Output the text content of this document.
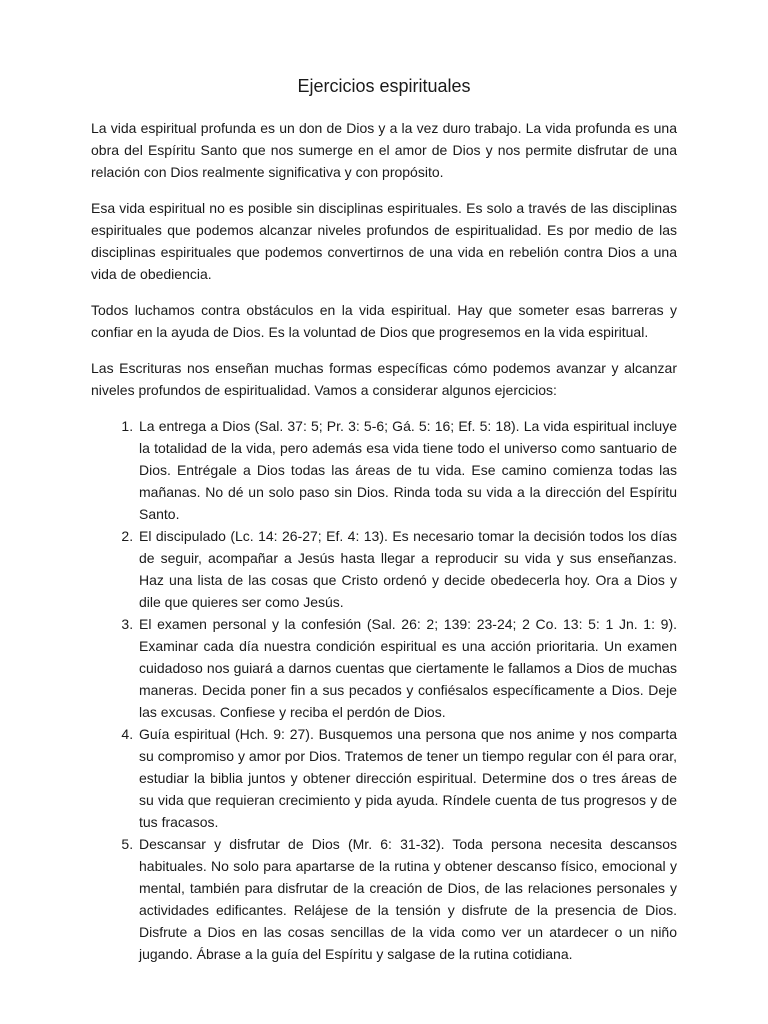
Ejercicios espirituales

La vida espiritual profunda es un don de Dios y a la vez duro trabajo. La vida profunda es una obra del Espíritu Santo que nos sumerge en el amor de Dios y nos permite disfrutar de una relación con Dios realmente significativa y con propósito.

Esa vida espiritual no es posible sin disciplinas espirituales. Es solo a través de las disciplinas espirituales que podemos alcanzar niveles profundos de espiritualidad. Es por medio de las disciplinas espirituales que podemos convertirnos de una vida en rebelión contra Dios a una vida de obediencia.

Todos luchamos contra obstáculos en la vida espiritual. Hay que someter esas barreras y confiar en la ayuda de Dios. Es la voluntad de Dios que progresemos en la vida espiritual.

Las Escrituras nos enseñan muchas formas específicas cómo podemos avanzar y alcanzar niveles profundos de espiritualidad. Vamos a considerar algunos ejercicios:

1. La entrega a Dios (Sal. 37: 5; Pr. 3: 5-6; Gá. 5: 16; Ef. 5: 18). La vida espiritual incluye la totalidad de la vida, pero además esa vida tiene todo el universo como santuario de Dios. Entrégale a Dios todas las áreas de tu vida. Ese camino comienza todas las mañanas. No dé un solo paso sin Dios. Rinda toda su vida a la dirección del Espíritu Santo.
2. El discipulado (Lc. 14: 26-27; Ef. 4: 13). Es necesario tomar la decisión todos los días de seguir, acompañar a Jesús hasta llegar a reproducir su vida y sus enseñanzas. Haz una lista de las cosas que Cristo ordenó y decide obedecerla hoy. Ora a Dios y dile que quieres ser como Jesús.
3. El examen personal y la confesión (Sal. 26: 2; 139: 23-24; 2 Co. 13: 5: 1 Jn. 1: 9). Examinar cada día nuestra condición espiritual es una acción prioritaria. Un examen cuidadoso nos guiará a darnos cuentas que ciertamente le fallamos a Dios de muchas maneras. Decida poner fin a sus pecados y confiésalos específicamente a Dios. Deje las excusas. Confiese y reciba el perdón de Dios.
4. Guía espiritual (Hch. 9: 27). Busquemos una persona que nos anime y nos comparta su compromiso y amor por Dios. Tratemos de tener un tiempo regular con él para orar, estudiar la biblia juntos y obtener dirección espiritual. Determine dos o tres áreas de su vida que requieran crecimiento y pida ayuda. Ríndele cuenta de tus progresos y de tus fracasos.
5. Descansar y disfrutar de Dios (Mr. 6: 31-32). Toda persona necesita descansos habituales. No solo para apartarse de la rutina y obtener descanso físico, emocional y mental, también para disfrutar de la creación de Dios, de las relaciones personales y actividades edificantes. Relájese de la tensión y disfrute de la presencia de Dios. Disfrute a Dios en las cosas sencillas de la vida como ver un atardecer o un niño jugando. Ábrase a la guía del Espíritu y salgase de la rutina cotidiana.
